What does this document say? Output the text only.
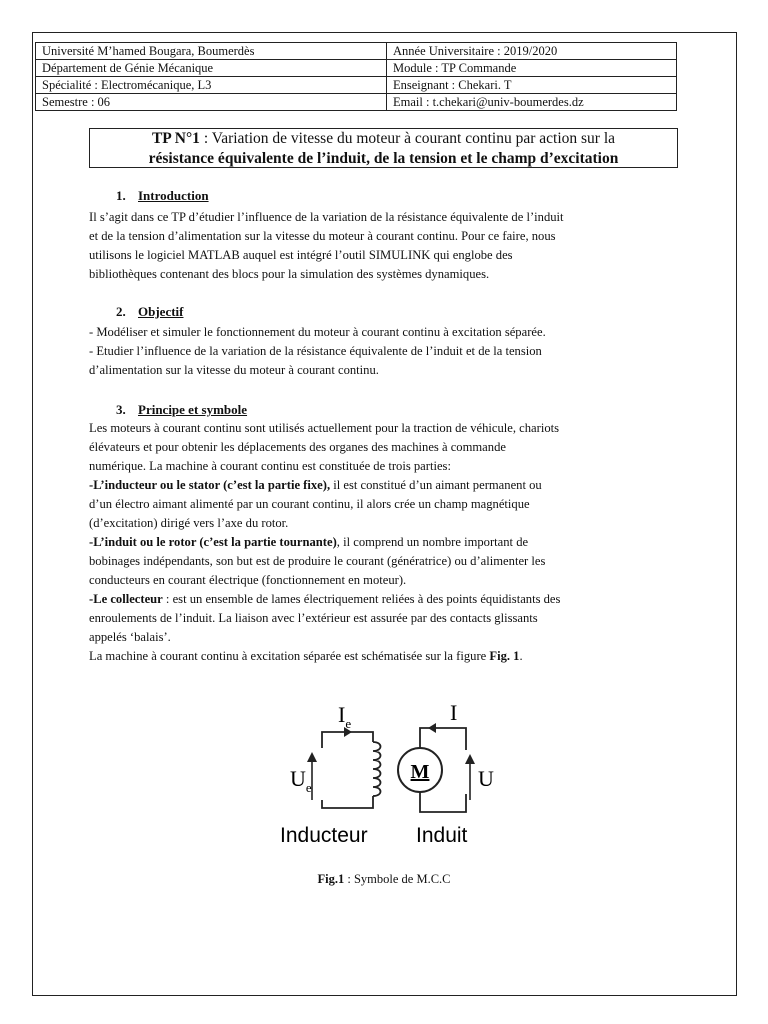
Université M’hamed Bougara, Boumerdès	Année Universitaire : 2019/2020
Département de Génie Mécanique	Module : TP Commande
Spécialité : Electromécanique, L3	Enseignant : Chekari. T
Semestre : 06	Email : t.chekari@univ-boumerdes.dz
TP N°1 : Variation de vitesse du moteur à courant continu par action sur la
résistance équivalente de l’induit, de la tension et le champ d’excitation
1. Introduction

Il s’agit dans ce TP d’étudier l’influence de la variation de la résistance équivalente de l’induit

et de la tension d’alimentation sur la vitesse du moteur à courant continu. Pour ce faire, nous

utilisons le logiciel MATLAB auquel est intégré l’outil SIMULINK qui englobe des

bibliothèques contenant des blocs pour la simulation des systèmes dynamiques.

2. Objectif

- Modéliser et simuler le fonctionnement du moteur à courant continu à excitation séparée.

- Etudier l’influence de la variation de la résistance équivalente de l’induit et de la tension

d’alimentation sur la vitesse du moteur à courant continu.

3. Principe et symbole

Les moteurs à courant continu sont utilisés actuellement pour la traction de véhicule, chariots

élévateurs et pour obtenir les déplacements des organes des machines à commande

numérique. La machine à courant continu est constituée de trois parties:

-L’inducteur ou le stator (c’est la partie fixe), il est constitué d’un aimant permanent ou

d’un électro aimant alimenté par un courant continu, il alors crée un champ magnétique

(d’excitation) dirigé vers l’axe du rotor.

-L’induit ou le rotor (c’est la partie tournante), il comprend un nombre important de

bobinages indépendants, son but est de produire le courant (génératrice) ou d’alimenter les

conducteurs en courant électrique (fonctionnement en moteur).

-Le collecteur : est un ensemble de lames électriquement reliées à des points équidistants des

enroulements de l’induit. La liaison avec l’extérieur est assurée par des contacts glissants

appelés ‘balais’.

La machine à courant continu à excitation séparée est schématisée sur la figure Fig. 1.

M
$I_e$	I
$U_e$	U
Inducteur Induit
Fig.1 : Symbole de M.C.C
